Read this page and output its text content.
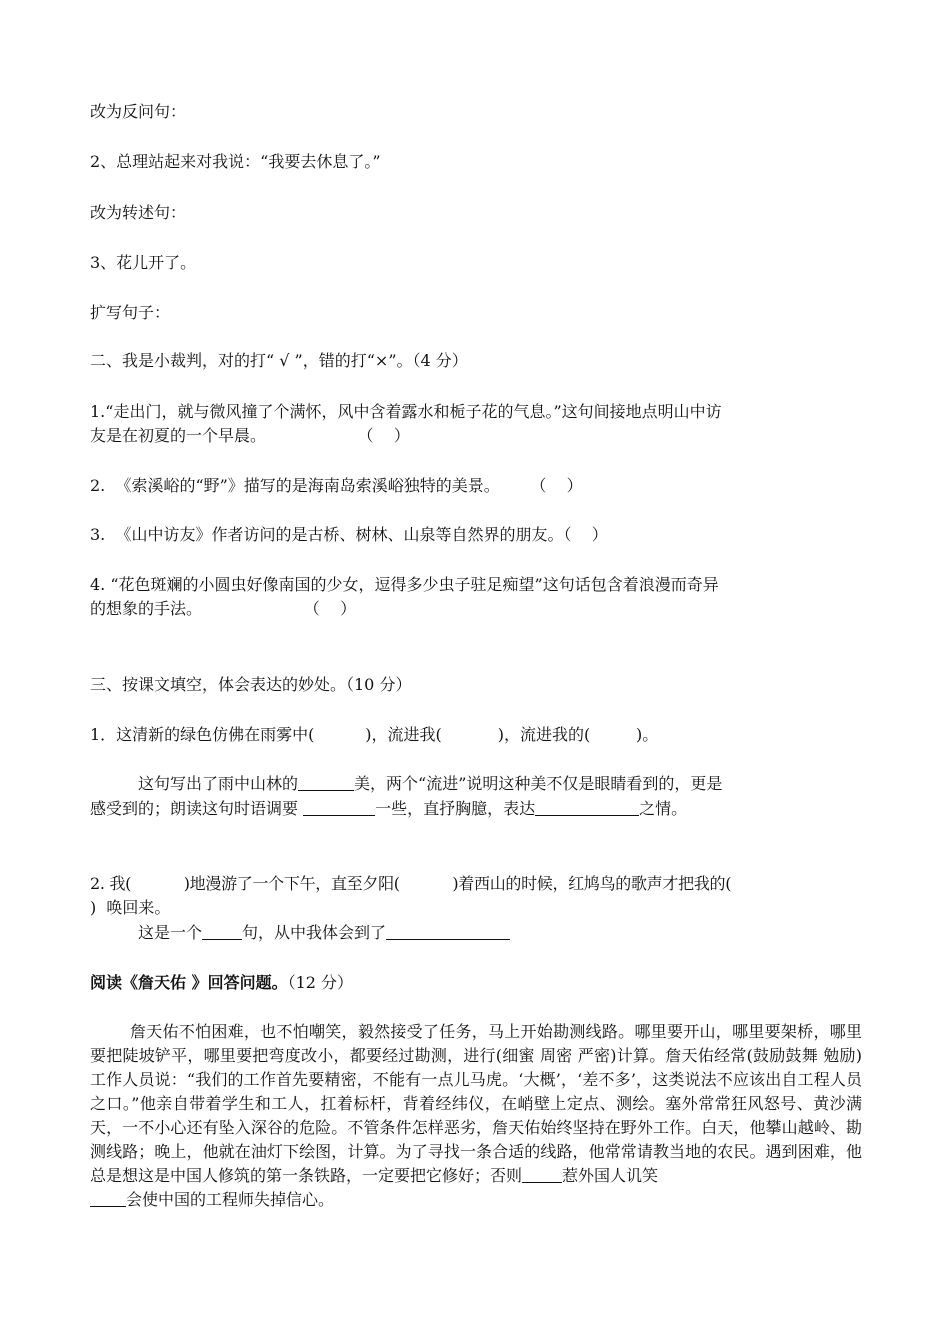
改为反问句：

2、总理站起来对我说：“我要去休息了。”

改为转述句：

3、花儿开了。

扩写句子：

二、我是小裁判，对的打“ √ ”，错的打“×”。（4 分）

1.“走出门，就与微风撞了个满怀，风中含着露水和栀子花的气息。”这句间接地点明山中访

友是在初夏的一个早晨。                  （    ）

2.  《索溪峪的“野”》描写的是海南岛索溪峪独特的美景。      （    ）

3.  《山中访友》作者访问的是古桥、树林、山泉等自然界的朋友。（    ）

4. “花色斑斓的小圆虫好像南国的少女，逗得多少虫子驻足痴望”这句话包含着浪漫而奇异

的想象的手法。                    （    ）

三、按课文填空，体会表达的妙处。（10 分）

1．这清新的绿色仿佛在雨雾中(          )，流进我(           )，流进我的(         )。

这句写出了雨中山林的	美，两个“流进”说明这种美不仅是眼睛看到的，更是

感受到的；朗读这句时语调要	一些，直抒胸臆，表达	之情。

2. 我(           )地漫游了一个下午，直至夕阳(           )着西山的时候，红鸠鸟的歌声才把我的(

)  唤回来。

这是一个	句，从中我体会到了

阅读《詹天佑 》回答问题。（12 分）

詹天佑不怕困难，也不怕嘲笑，毅然接受了任务，马上开始勘测线路。哪里要开山，哪里要架桥，哪里要把陡坡铲平，哪里要把弯度改小，都要经过勘测，进行(细蜜 周密 严密)计算。詹天佑经常(鼓励鼓舞 勉励)工作人员说：“我们的工作首先要精密，不能有一点儿马虎。‘大概’，‘差不多’，这类说法不应该出自工程人员之口。”他亲自带着学生和工人，扛着标杆，背着经纬仪，在峭壁上定点、测绘。塞外常常狂风怒号、黄沙满天，一不小心还有坠入深谷的危险。不管条件怎样恶劣，詹天佑始终坚持在野外工作。白天，他攀山越岭、勘测线路；晚上，他就在油灯下绘图，计算。为了寻找一条合适的线路，他常常请教当地的农民。遇到困难，他总是想这是中国人修筑的第一条铁路，一定要把它修好；否则	惹外国人讥笑
会使中国的工程师失掉信心。
